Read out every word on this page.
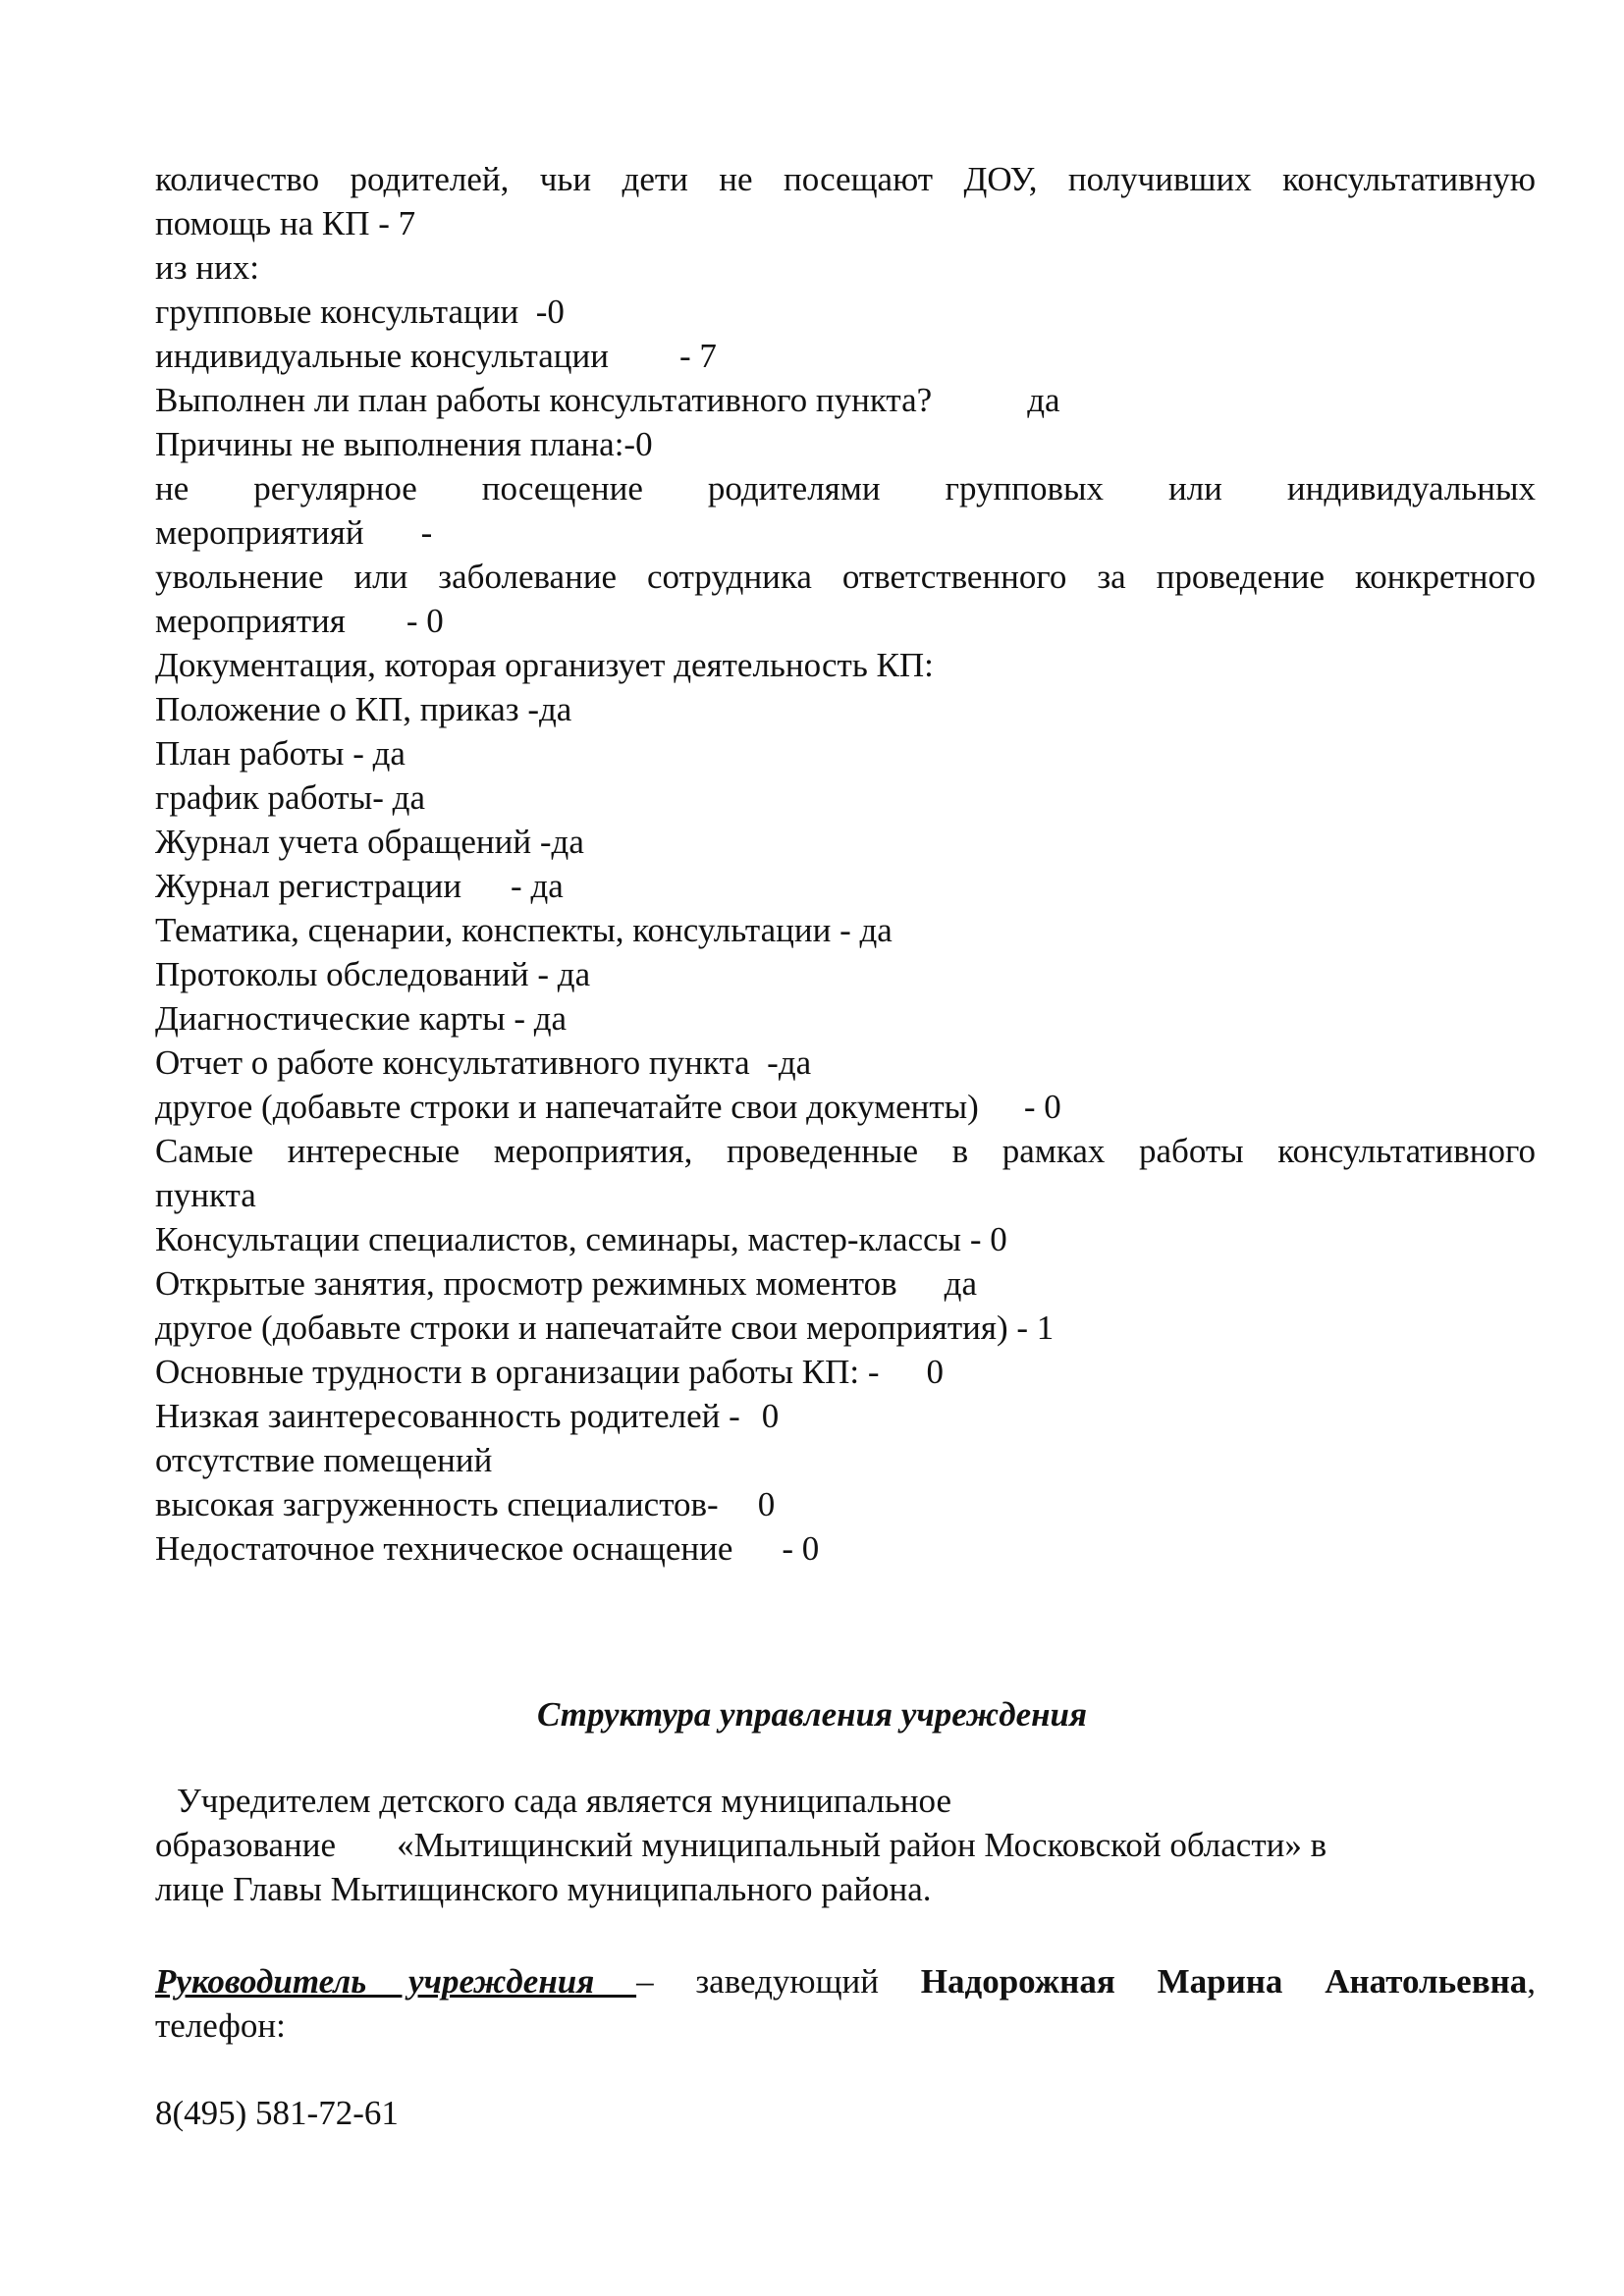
количество родителей, чьи дети не посещают ДОУ, получивших консультативную
помощь на КП - 7
из них:
групповые консультации  -0
индивидуальные консультации - 7
Выполнен ли план работы консультативного пункта?	да
Причины не выполнения плана:-0
не регулярное посещение родителями групповых или индивидуальных
мероприятияй -
увольнение или заболевание сотрудника ответственного за проведение конкретного
мероприятия - 0
Документация, которая организует деятельность КП:
Положение о КП, приказ -да
План работы - да
график работы- да
Журнал учета обращений -да
Журнал регистрации - да
Тематика, сценарии, конспекты, консультации - да
Протоколы обследований - да
Диагностические карты - да
Отчет о работе консультативного пункта  -да
другое (добавьте строки и напечатайте свои документы) - 0
Самые интересные мероприятия, проведенные в рамках работы консультативного
пункта
Консультации специалистов, семинары, мастер-классы - 0
Открытые занятия, просмотр режимных моментов да
другое (добавьте строки и напечатайте свои мероприятия) - 1
Основные трудности в организации работы КП: - 0
Низкая заинтересованность родителей - 0
отсутствие помещений
высокая загруженность специалистов- 0
Недостаточное техническое оснащение - 0
Структура управления учреждения
Учредителем детского сада является муниципальное
образование «Мытищинский муниципальный район Московской области» в
лице Главы Мытищинского муниципального района.
Руководитель учреждения – заведующий Надорожная Марина Анатольевна,
телефон:
8(495) 581-72-61
